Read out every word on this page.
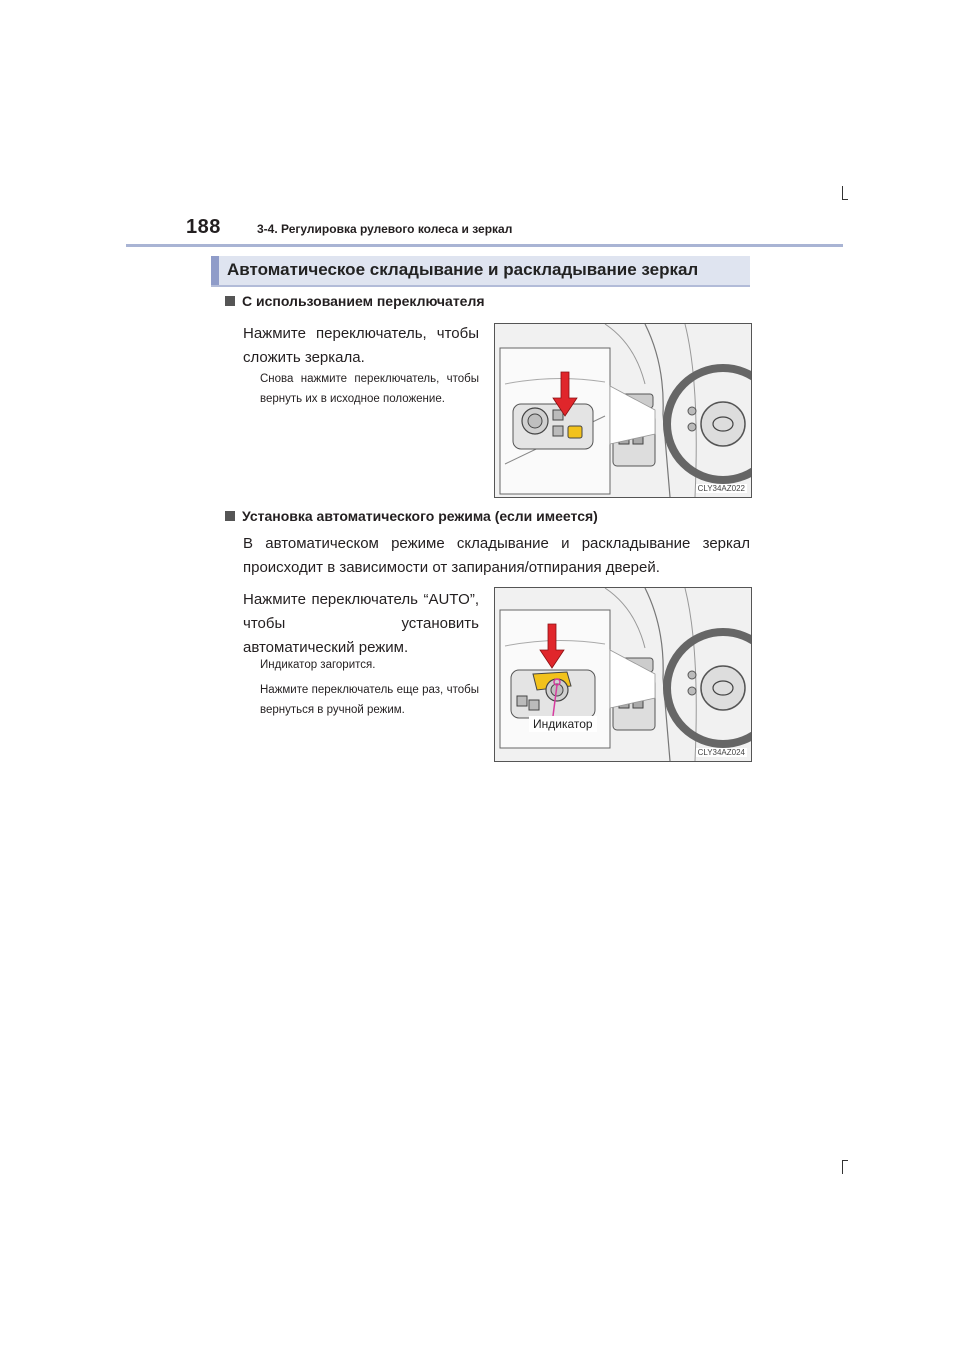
188	3-4. Регулировка рулевого колеса и зеркал
Автоматическое складывание и раскладывание зеркал
С использованием переключателя
Нажмите переключатель, чтобы сложить зеркала.
Снова нажмите переключатель, чтобы вернуть их в исходное положение.
CLY34AZ022
Установка автоматического режима (если имеется)
В автоматическом режиме складывание и раскладывание зеркал происходит в зависимости от запирания/отпирания дверей.
Нажмите переключатель “AUTO”, чтобы установить автоматический режим.
Индикатор загорится.
Нажмите переключатель еще раз, чтобы вернуться в ручной режим.
Индикатор
CLY34AZ024
